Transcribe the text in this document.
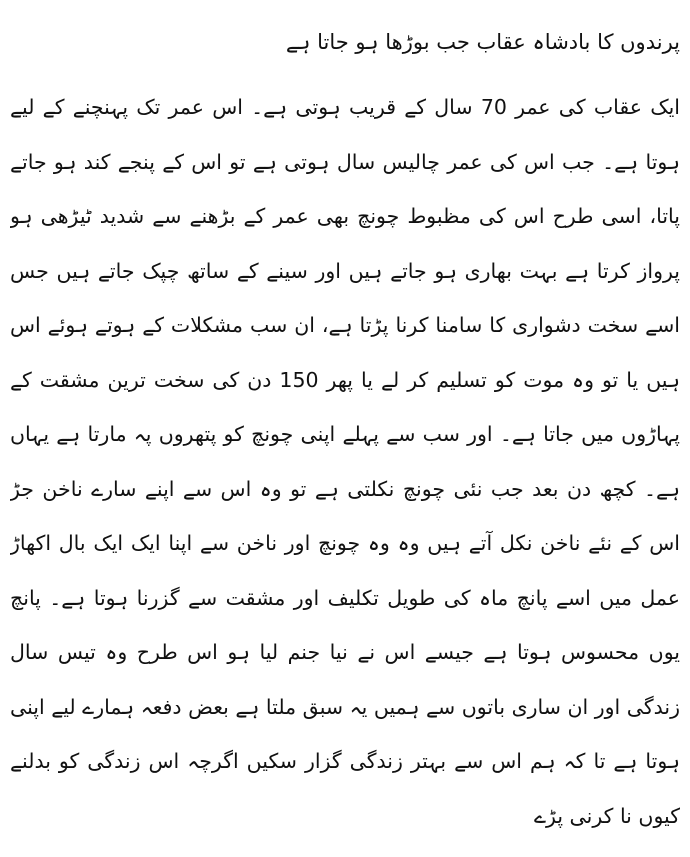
پرندوں کا بادشاہ عقاب جب بوڑھا ہو جاتا ہے
ایک عقاب کی عمر 70 سال کے قریب ہوتی ہے۔ اس عمر تک پہنچنے کے لیے
ہوتا ہے۔ جب اس کی عمر چالیس سال ہوتی ہے تو اس کے پنجے کند ہو جاتے
پاتا، اسی طرح اس کی مظبوط چونچ بھی عمر کے بڑھنے سے شدید ٹیڑھی ہو
پرواز کرتا ہے بہت بھاری ہو جاتے ہیں اور سینے کے ساتھ چپک جاتے ہیں جس
اسے سخت دشواری کا سامنا کرنا پڑتا ہے، ان سب مشکلات کے ہوتے ہوئے اس
ہیں یا تو وہ موت کو تسلیم کر لے یا پھر 150 دن کی سخت ترین مشقت کے
پہاڑوں میں جاتا ہے۔ اور سب سے پہلے اپنی چونچ کو پتھروں پہ مارتا ہے یہاں
ہے۔ کچھ دن بعد جب نئی چونچ نکلتی ہے تو وہ اس سے اپنے سارے ناخن جڑ
اس کے نئے ناخن نکل آتے ہیں وہ وہ چونچ اور ناخن سے اپنا ایک ایک بال اکھاڑ
عمل میں اسے پانچ ماہ کی طویل تکلیف اور مشقت سے گزرنا ہوتا ہے۔ پانچ
یوں محسوس ہوتا ہے جیسے اس نے نیا جنم لیا ہو اس طرح وہ تیس سال
زندگی اور ان ساری باتوں سے ہمیں یہ سبق ملتا ہے بعض دفعہ ہمارے لیے اپنی
ہوتا ہے تا کہ ہم اس سے بہتر زندگی گزار سکیں اگرچہ اس زندگی کو بدلنے
کیوں نا کرنی پڑے
